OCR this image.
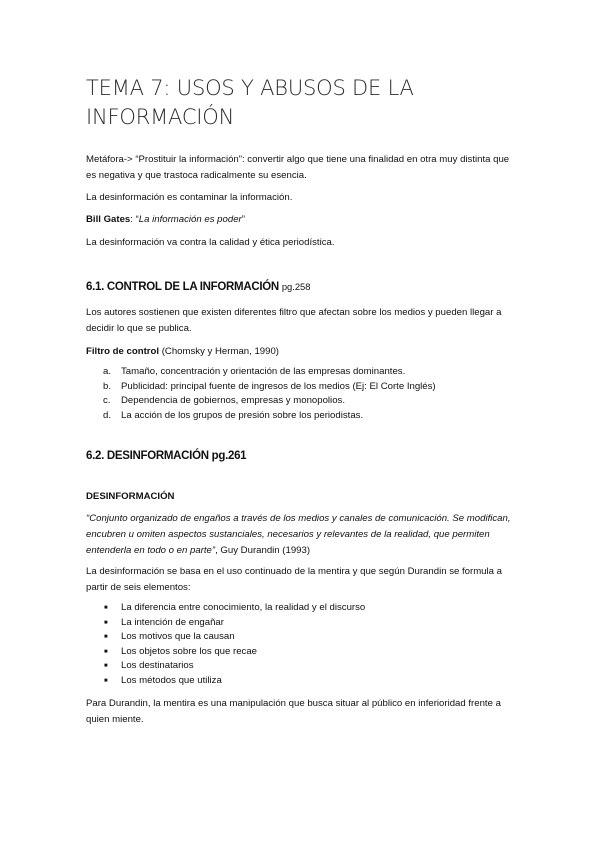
TEMA 7: USOS Y ABUSOS DE LA
INFORMACIÓN

Metáfora-> “Prostituir la información”: convertir algo que tiene una finalidad en otra muy distinta que es negativa y que trastoca radicalmente su esencia.

La desinformación es contaminar la información.

Bill Gates: “La información es poder”

La desinformación va contra la calidad y ética periodística.

6.1. CONTROL DE LA INFORMACIÓN pg.258

Los autores sostienen que existen diferentes filtro que afectan sobre los medios y pueden llegar a decidir lo que se publica.

Filtro de control (Chomsky y Herman, 1990)

a. Tamaño, concentración y orientación de las empresas dominantes.
b. Publicidad: principal fuente de ingresos de los medios (Ej: El Corte Inglés)
c. Dependencia de gobiernos, empresas y monopolios.
d. La acción de los grupos de presión sobre los periodistas.
6.2. DESINFORMACIÓN pg.261

DESINFORMACIÓN

“Conjunto organizado de engaños a través de los medios y canales de comunicación. Se modifican, encubren u omiten aspectos sustanciales, necesarios y relevantes de la realidad, que permiten entenderla en todo o en parte”, Guy Durandin (1993)

La desinformación se basa en el uso continuado de la mentira y que según Durandin se formula a partir de seis elementos:

■ La diferencia entre conocimiento, la realidad y el discurso
■ La intención de engañar
■ Los motivos que la causan
■ Los objetos sobre los que recae
■ Los destinatarios
■ Los métodos que utiliza

Para Durandin, la mentira es una manipulación que busca situar al público en inferioridad frente a quien miente.
